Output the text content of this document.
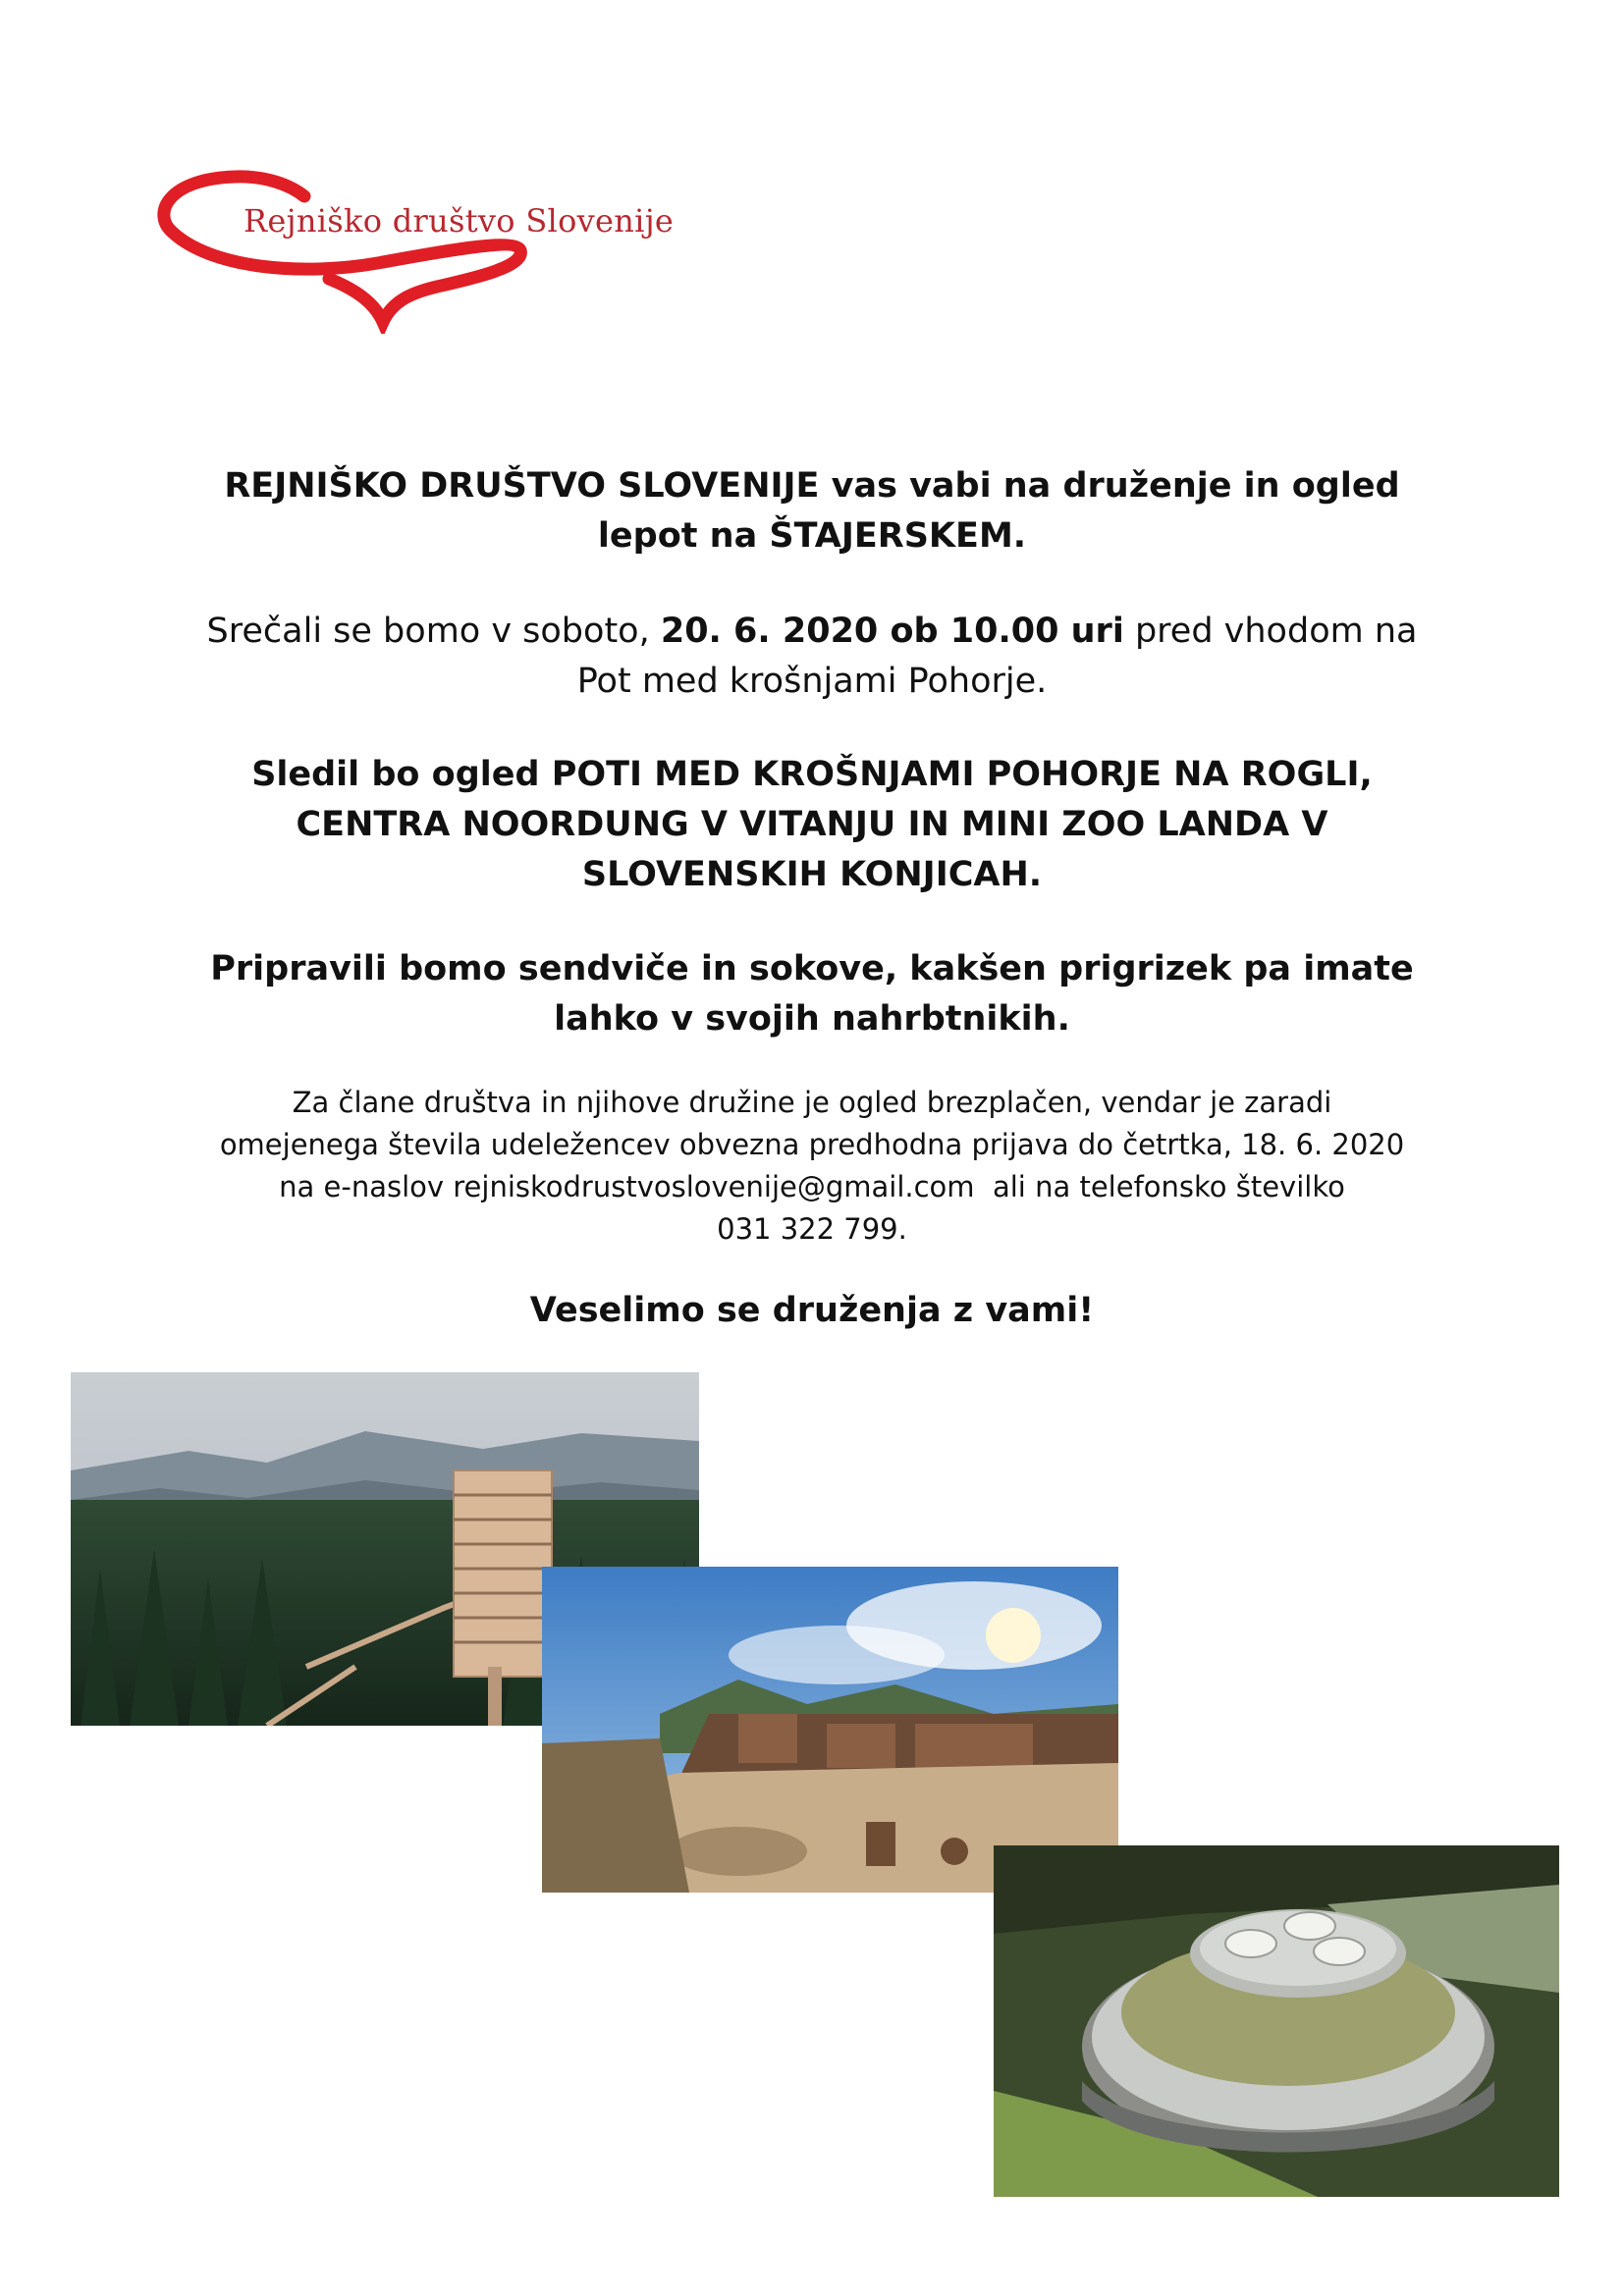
Rejniško društvo Slovenije

REJNIŠKO DRUŠTVO SLOVENIJE vas vabi na druženje in ogled

lepot na ŠTAJERSKEM.

Srečali se bomo v soboto, 20. 6. 2020 ob 10.00 uri pred vhodom na

Pot med krošnjami Pohorje.

Sledil bo ogled POTI MED KROŠNJAMI POHORJE NA ROGLI,

CENTRA NOORDUNG V VITANJU IN MINI ZOO LANDA V

SLOVENSKIH KONJICAH.

Pripravili bomo sendviče in sokove, kakšen prigrizek pa imate

lahko v svojih nahrbtnikih.

Za člane društva in njihove družine je ogled brezplačen, vendar je zaradi

omejenega števila udeležencev obvezna predhodna prijava do četrtka, 18. 6. 2020

na e-naslov rejniskodrustvoslovenije@gmail.com  ali na telefonsko številko

031 322 799.

Veselimo se druženja z vami!
